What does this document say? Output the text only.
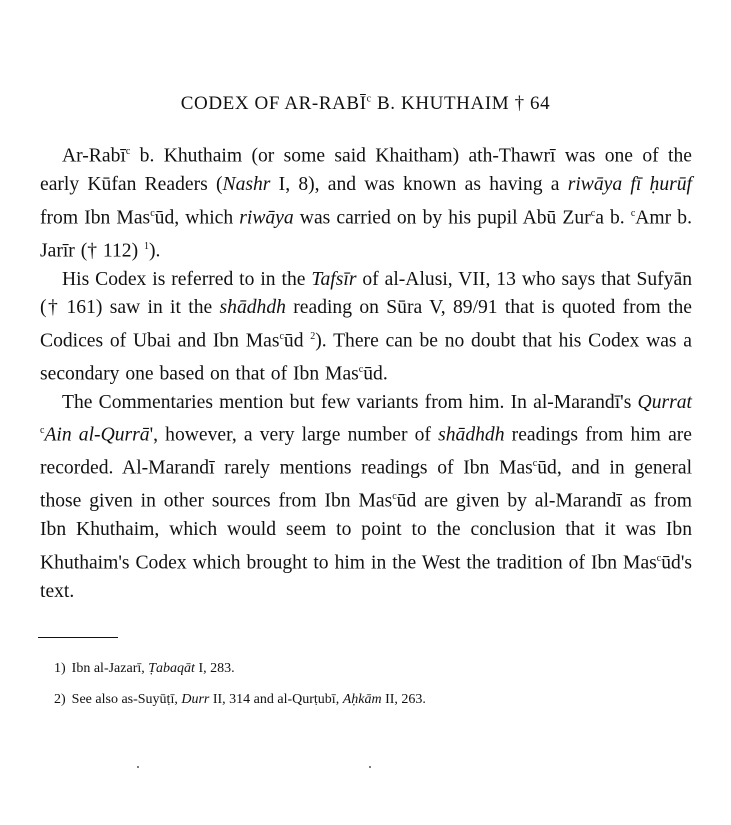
CODEX OF AR-RABĪ$^c$ B. KHUTHAIM † 64

Ar-Rabī$^c$ b. Khuthaim (or some said Khaitham) ath-Thawrī was one of the early Kūfan Readers (Nashr I, 8), and was known as having a riwāya fī ḥurūf from Ibn Mas$^c$ūd, which riwāya was carried on by his pupil Abū Zur$^c$a b. $^c$Amr b. Jarīr († 112) $^1$).

His Codex is referred to in the Tafsīr of al-Alusi, VII, 13 who says that Sufyān († 161) saw in it the shādhdh reading on Sūra V, 89/91 that is quoted from the Codices of Ubai and Ibn Mas$^c$ūd $^2$). There can be no doubt that his Codex was a secondary one based on that of Ibn Mas$^c$ūd.

The Commentaries mention but few variants from him. In al-Marandī's Qurrat $^c$Ain al-Qurrā', however, a very large number of shādhdh readings from him are recorded. Al-Marandī rarely mentions readings of Ibn Mas$^c$ūd, and in general those given in other sources from Ibn Mas$^c$ūd are given by al-Marandī as from Ibn Khuthaim, which would seem to point to the conclusion that it was Ibn Khuthaim's Codex which brought to him in the West the tradition of Ibn Mas$^c$ūd's text.

1) Ibn al-Jazarī, Ṭabaqāt I, 283.

2) See also as-Suyūṭī, Durr II, 314 and al-Qurṭubī, Aḥkām II, 263.
